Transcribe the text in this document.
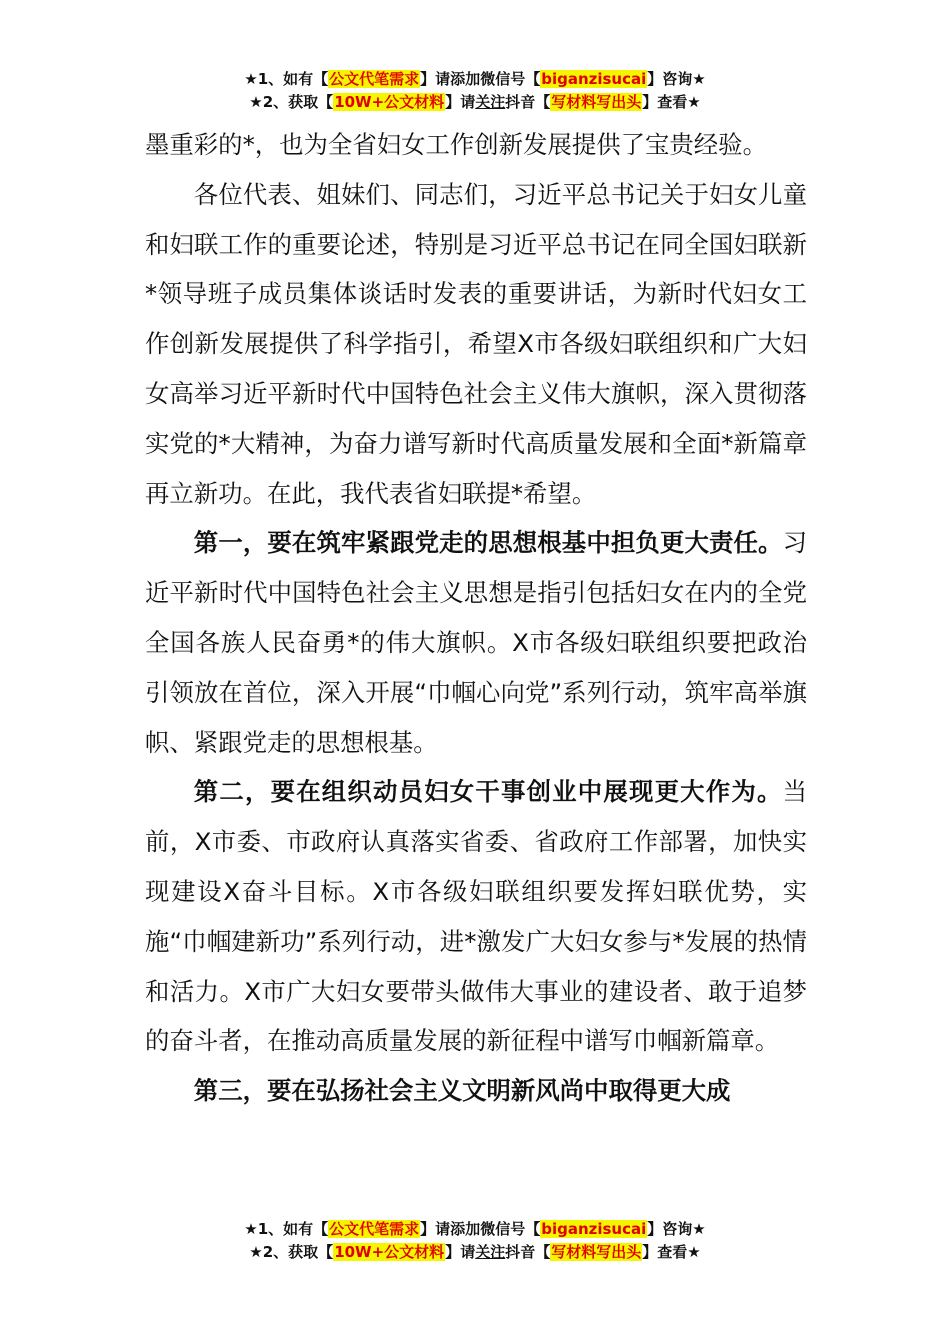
★1、如有【公文代笔需求】请添加微信号【biganzisucai】咨询★
★2、获取【10W+公文材料】请关注抖音【写材料写出头】查看★

墨重彩的*，也为全省妇女工作创新发展提供了宝贵经验。

各位代表、姐妹们、同志们，习近平总书记关于妇女儿童和妇联工作的重要论述，特别是习近平总书记在同全国妇联新*领导班子成员集体谈话时发表的重要讲话，为新时代妇女工作创新发展提供了科学指引，希望X市各级妇联组织和广大妇女高举习近平新时代中国特色社会主义伟大旗帜，深入贯彻落实党的*大精神，为奋力谱写新时代高质量发展和全面*新篇章再立新功。在此，我代表省妇联提*希望。

第一，要在筑牢紧跟党走的思想根基中担负更大责任。习近平新时代中国特色社会主义思想是指引包括妇女在内的全党全国各族人民奋勇*的伟大旗帜。X市各级妇联组织要把政治引领放在首位，深入开展“巾帼心向党”系列行动，筑牢高举旗帜、紧跟党走的思想根基。

第二，要在组织动员妇女干事创业中展现更大作为。当前，X市委、市政府认真落实省委、省政府工作部署，加快实现建设X奋斗目标。X市各级妇联组织要发挥妇联优势，实施“巾帼建新功”系列行动，进*激发广大妇女参与*发展的热情和活力。X市广大妇女要带头做伟大事业的建设者、敢于追梦的奋斗者，在推动高质量发展的新征程中谱写巾帼新篇章。

第三，要在弘扬社会主义文明新风尚中取得更大成

★1、如有【公文代笔需求】请添加微信号【biganzisucai】咨询★
★2、获取【10W+公文材料】请关注抖音【写材料写出头】查看★
